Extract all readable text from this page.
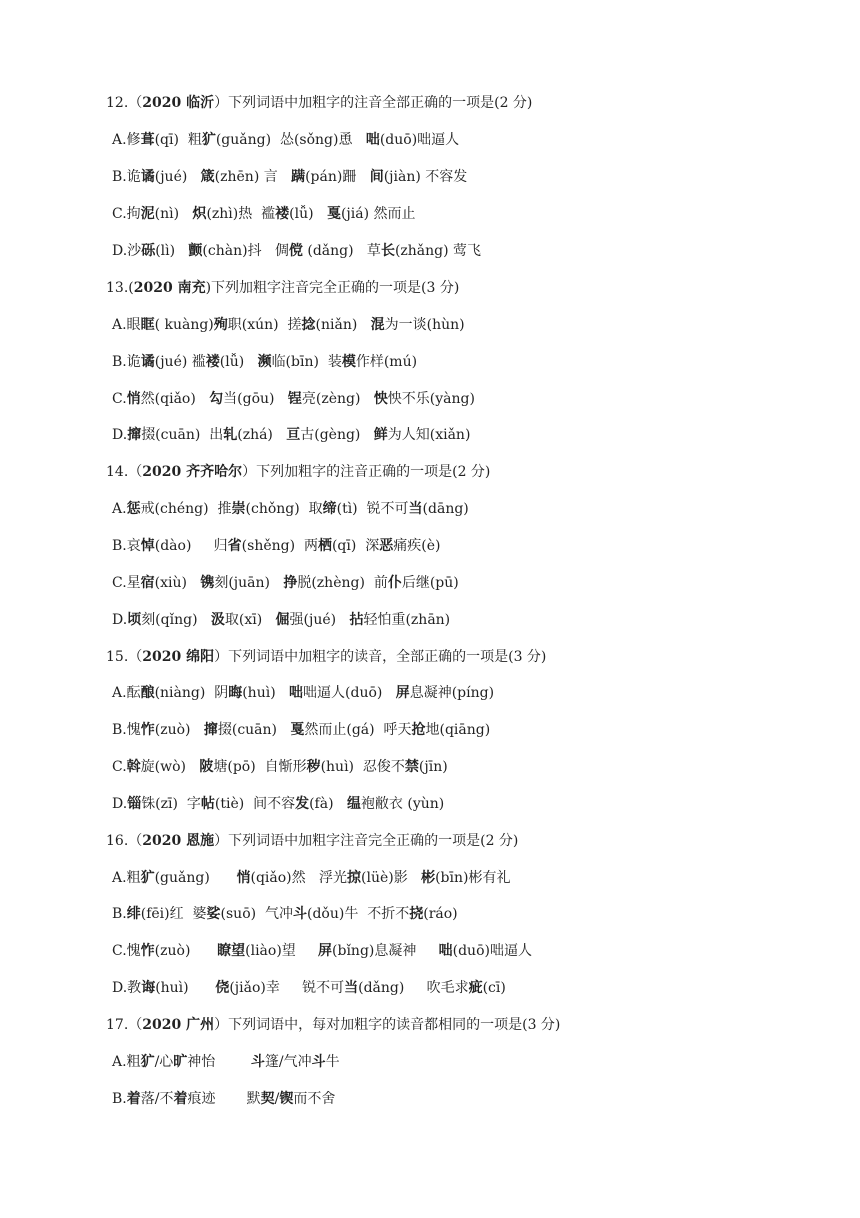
12.（2020 临沂）下列词语中加粗字的注音全部正确的一项是(2 分)
A.修葺(qī)  粗犷(guǎng)  怂(sǒng)恿   咄(duō)咄逼人
B.诡谲(jué)   箴(zhēn) 言   蹒(pán)跚   间(jiàn) 不容发
C.拘泥(nì)   炽(zhì)热  褴褛(lǚ)   戛(jiá) 然而止
D.沙砾(lì)   颤(chàn)抖   倜傥 (dǎng)   草长(zhǎng) 莺飞
13.(2020 南充)下列加粗字注音完全正确的一项是(3 分)
A.眼眶( kuàng)殉职(xún)  搓捻(niǎn)   混为一谈(hùn)
B.诡谲(jué) 褴褛(lǚ)   濒临(bīn)  装模作样(mú)
C.悄然(qiǎo)   勾当(gōu)   锃亮(zèng)   怏怏不乐(yàng)
D.撺掇(cuān)  出轧(zhá)   亘古(gèng)   鲜为人知(xiǎn)
14.（2020 齐齐哈尔）下列加粗字的注音正确的一项是(2 分)
A.惩戒(chéng)  推崇(chǒng)  取缔(tì)  锐不可当(dāng)
B.哀悼(dào)     归省(shěng)  两栖(qī)  深恶痛疾(è)
C.星宿(xiù)   镌刻(juān)   挣脱(zhèng)  前仆后继(pū)
D.顷刻(qǐng)   汲取(xī)   倔强(jué)   拈轻怕重(zhān)
15.（2020 绵阳）下列词语中加粗字的读音，全部正确的一项是(3 分)
A.酝酿(niàng)  阴晦(huì)   咄咄逼人(duō)   屏息凝神(píng)
B.愧怍(zuò)   撺掇(cuān)   戛然而止(gá)  呼天抢地(qiāng)
C.斡旋(wò)   陂塘(pō)  自惭形秽(huì)  忍俊不禁(jīn)
D.锱铢(zī)  字帖(tiè)  间不容发(fà)   缊袍敝衣 (yùn)
16.（2020 恩施）下列词语中加粗字注音完全正确的一项是(2 分)
A.粗犷(guǎng)      悄(qiǎo)然   浮光掠(lüè)影   彬(bīn)彬有礼
B.绯(fēi)红  婆娑(suō)  气冲斗(dǒu)牛  不折不挠(ráo)
C.愧怍(zuò)      瞭望(liào)望     屏(bǐng)息凝神     咄(duō)咄逼人
D.教诲(huì)      侥(jiǎo)幸     锐不可当(dǎng)     吹毛求疵(cī)
17.（2020 广州）下列词语中，每对加粗字的读音都相同的一项是(3 分)
A.粗犷/心旷神怡        斗篷/气冲斗牛
B.着落/不着痕迹       默契/锲而不舍
